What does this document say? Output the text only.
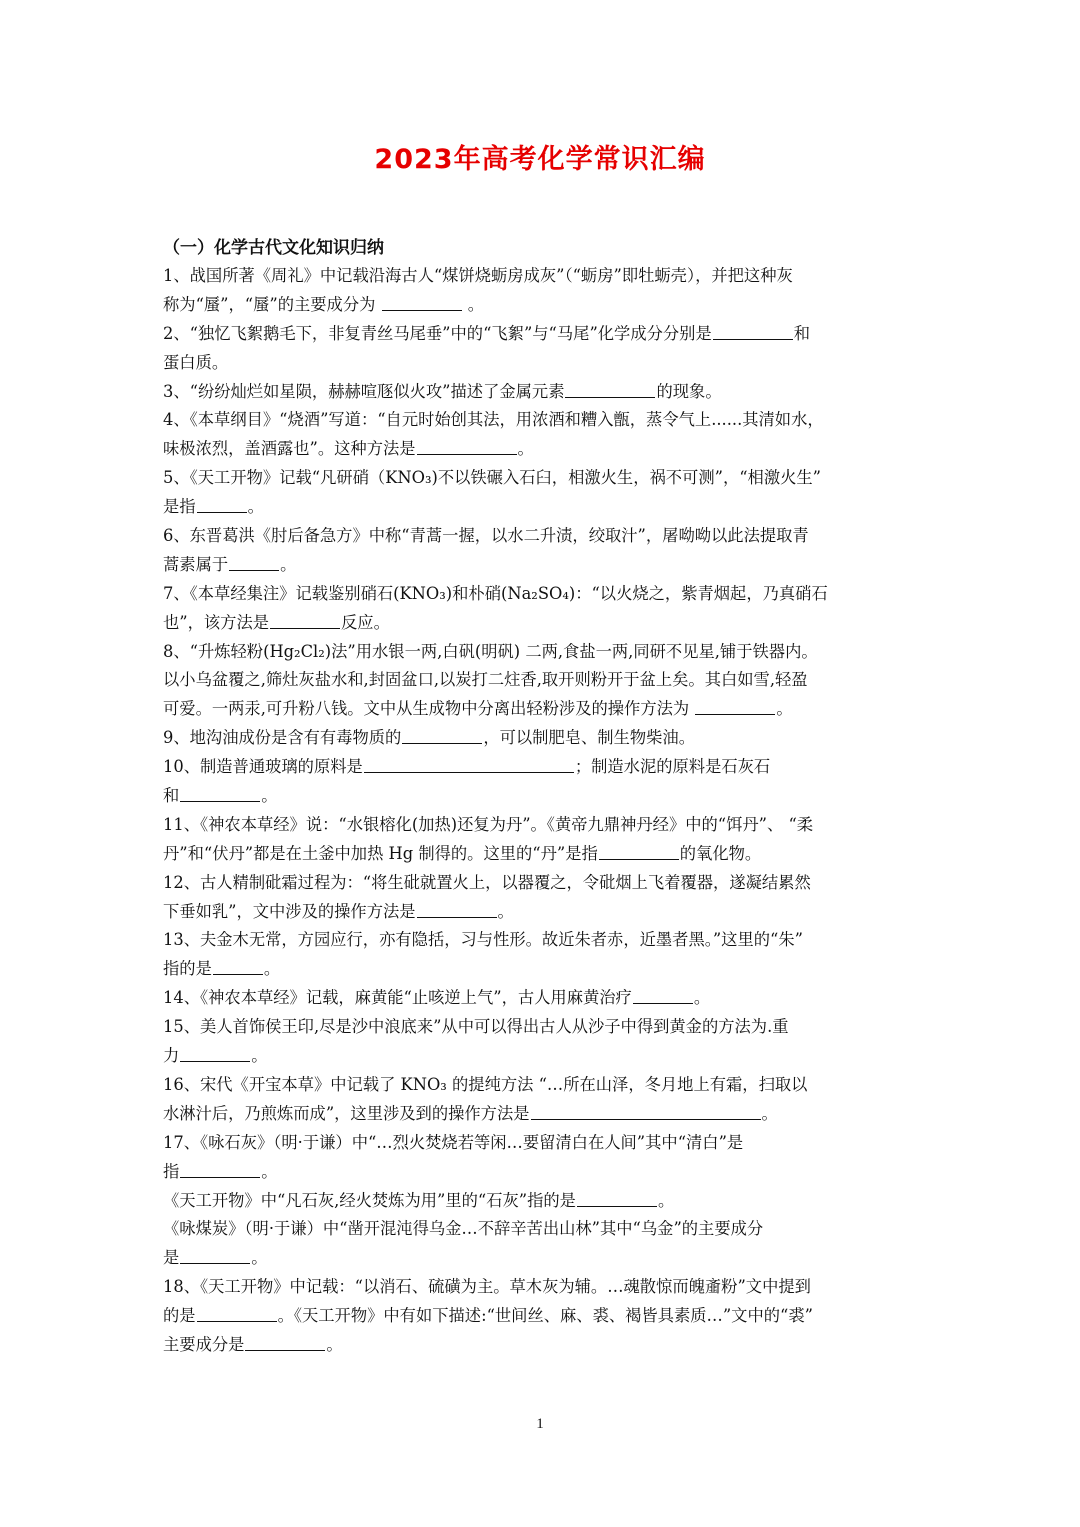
2023年高考化学常识汇编
（一）化学古代文化知识归纳
1、战国所著《周礼》中记载沿海古人“煤饼烧蛎房成灰”（“蛎房”即牡蛎壳），并把这种灰
称为“蜃”，“蜃”的主要成分为	。
2、“独忆飞絮鹅毛下，非复青丝马尾垂”中的“飞絮”与“马尾”化学成分分别是	和
蛋白质。
3、“纷纷灿烂如星陨，赫赫喧豗似火攻”描述了金属元素	的现象。
4、《本草纲目》“烧酒”写道：“自元时始创其法，用浓酒和糟入甑，蒸令气上......其清如水，
味极浓烈，盖酒露也”。这种方法是	。
5、《天工开物》记载“凡研硝（KNO₃)不以铁碾入石臼，相激火生，祸不可测”，“相激火生”
是指	。
6、东晋葛洪《肘后备急方》中称“青蒿一握，以水二升渍，绞取汁”，屠呦呦以此法提取青
蒿素属于	。
7、《本草经集注》记载鉴别硝石(KNO₃)和朴硝(Na₂SO₄)：“以火烧之，紫青烟起，乃真硝石
也”，该方法是	反应。
8、“升炼轻粉(Hg₂Cl₂)法”用水银一两,白矾(明矾) 二两,食盐一两,同研不见星,铺于铁器内。
以小乌盆覆之,筛灶灰盐水和,封固盆口,以炭打二炷香,取开则粉开于盆上矣。其白如雪,轻盈
可爱。一两汞,可升粉八钱。文中从生成物中分离出轻粉涉及的操作方法为	。
9、地沟油成份是含有有毒物质的	，可以制肥皂、制生物柴油。
10、制造普通玻璃的原料是	；制造水泥的原料是石灰石
和	。
11、《神农本草经》说：“水银榕化(加热)还复为丹”。《黄帝九鼎神丹经》中的“饵丹”、 “柔
丹”和“伏丹”都是在土釜中加热 Hg 制得的。这里的“丹”是指	的氧化物。
12、古人精制砒霜过程为：“将生砒就置火上，以器覆之，令砒烟上飞着覆器，遂凝结累然
下垂如乳”，文中涉及的操作方法是	。
13、夫金木无常，方园应行，亦有隐括，习与性形。故近朱者赤，近墨者黑。”这里的“朱”
指的是	。
14、《神农本草经》记载，麻黄能“止咳逆上气”，古人用麻黄治疗	。
15、美人首饰侯王印,尽是沙中浪底来”从中可以得出古人从沙子中得到黄金的方法为.重
力	。
16、宋代《开宝本草》中记载了 KNO₃ 的提纯方法 “…所在山泽，冬月地上有霜，扫取以
水淋汁后，乃煎炼而成”，这里涉及到的操作方法是	。
17、《咏石灰》（明·于谦）中“…烈火焚烧若等闲…要留清白在人间”其中“清白”是
指	。
《天工开物》中“凡石灰,经火焚炼为用”里的“石灰”指的是	。
《咏煤炭》（明·于谦）中“凿开混沌得乌金…不辞辛苦出山林”其中“乌金”的主要成分
是	。
18、《天工开物》中记载：“以消石、硫磺为主。草木灰为辅。…魂散惊而魄齑粉”文中提到
的是	。《天工开物》中有如下描述:“世间丝、麻、裘、褐皆具素质…”文中的“裘”
主要成分是	。
1
